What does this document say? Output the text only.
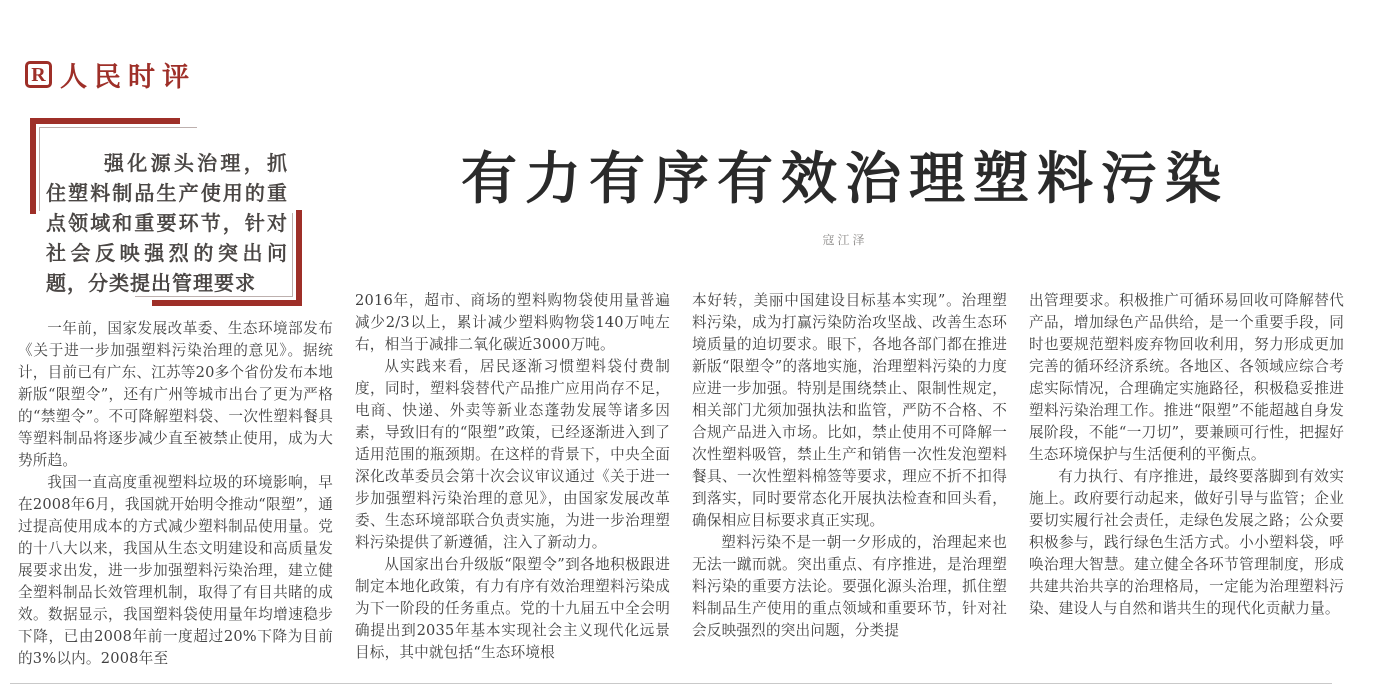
R 人民时评
强化源头治理，抓住塑料制品生产使用的重点领域和重要环节，针对社会反映强烈的突出问题，分类提出管理要求
有力有序有效治理塑料污染
寇江泽

一年前，国家发展改革委、生态环境部发布《关于进一步加强塑料污染治理的意见》。据统计，目前已有广东、江苏等20多个省份发布本地新版“限塑令”，还有广州等城市出台了更为严格的“禁塑令”。不可降解塑料袋、一次性塑料餐具等塑料制品将逐步减少直至被禁止使用，成为大势所趋。

我国一直高度重视塑料垃圾的环境影响，早在2008年6月，我国就开始明令推动“限塑”，通过提高使用成本的方式减少塑料制品使用量。党的十八大以来，我国从生态文明建设和高质量发展要求出发，进一步加强塑料污染治理，建立健全塑料制品长效管理机制，取得了有目共睹的成效。数据显示，我国塑料袋使用量年均增速稳步下降，已由2008年前一度超过20%下降为目前的3%以内。2008年至

2016年，超市、商场的塑料购物袋使用量普遍减少2/3以上，累计减少塑料购物袋140万吨左右，相当于减排二氧化碳近3000万吨。

从实践来看，居民逐渐习惯塑料袋付费制度，同时，塑料袋替代产品推广应用尚存不足，电商、快递、外卖等新业态蓬勃发展等诸多因素，导致旧有的“限塑”政策，已经逐渐进入到了适用范围的瓶颈期。在这样的背景下，中央全面深化改革委员会第十次会议审议通过《关于进一步加强塑料污染治理的意见》，由国家发展改革委、生态环境部联合负责实施，为进一步治理塑料污染提供了新遵循，注入了新动力。

从国家出台升级版“限塑令”到各地积极跟进制定本地化政策，有力有序有效治理塑料污染成为下一阶段的任务重点。党的十九届五中全会明确提出到2035年基本实现社会主义现代化远景目标，其中就包括“生态环境根

本好转，美丽中国建设目标基本实现”。治理塑料污染，成为打赢污染防治攻坚战、改善生态环境质量的迫切要求。眼下，各地各部门都在推进新版“限塑令”的落地实施，治理塑料污染的力度应进一步加强。特别是围绕禁止、限制性规定，相关部门尤须加强执法和监管，严防不合格、不合规产品进入市场。比如，禁止使用不可降解一次性塑料吸管，禁止生产和销售一次性发泡塑料餐具、一次性塑料棉签等要求，理应不折不扣得到落实，同时要常态化开展执法检查和回头看，确保相应目标要求真正实现。

塑料污染不是一朝一夕形成的，治理起来也无法一蹴而就。突出重点、有序推进，是治理塑料污染的重要方法论。要强化源头治理，抓住塑料制品生产使用的重点领域和重要环节，针对社会反映强烈的突出问题，分类提

出管理要求。积极推广可循环易回收可降解替代产品，增加绿色产品供给，是一个重要手段，同时也要规范塑料废弃物回收利用，努力形成更加完善的循环经济系统。各地区、各领域应综合考虑实际情况，合理确定实施路径，积极稳妥推进塑料污染治理工作。推进“限塑”不能超越自身发展阶段，不能“一刀切”，要兼顾可行性，把握好生态环境保护与生活便利的平衡点。

有力执行、有序推进，最终要落脚到有效实施上。政府要行动起来，做好引导与监管；企业要切实履行社会责任，走绿色发展之路；公众要积极参与，践行绿色生活方式。小小塑料袋，呼唤治理大智慧。建立健全各环节管理制度，形成共建共治共享的治理格局，一定能为治理塑料污染、建设人与自然和谐共生的现代化贡献力量。
